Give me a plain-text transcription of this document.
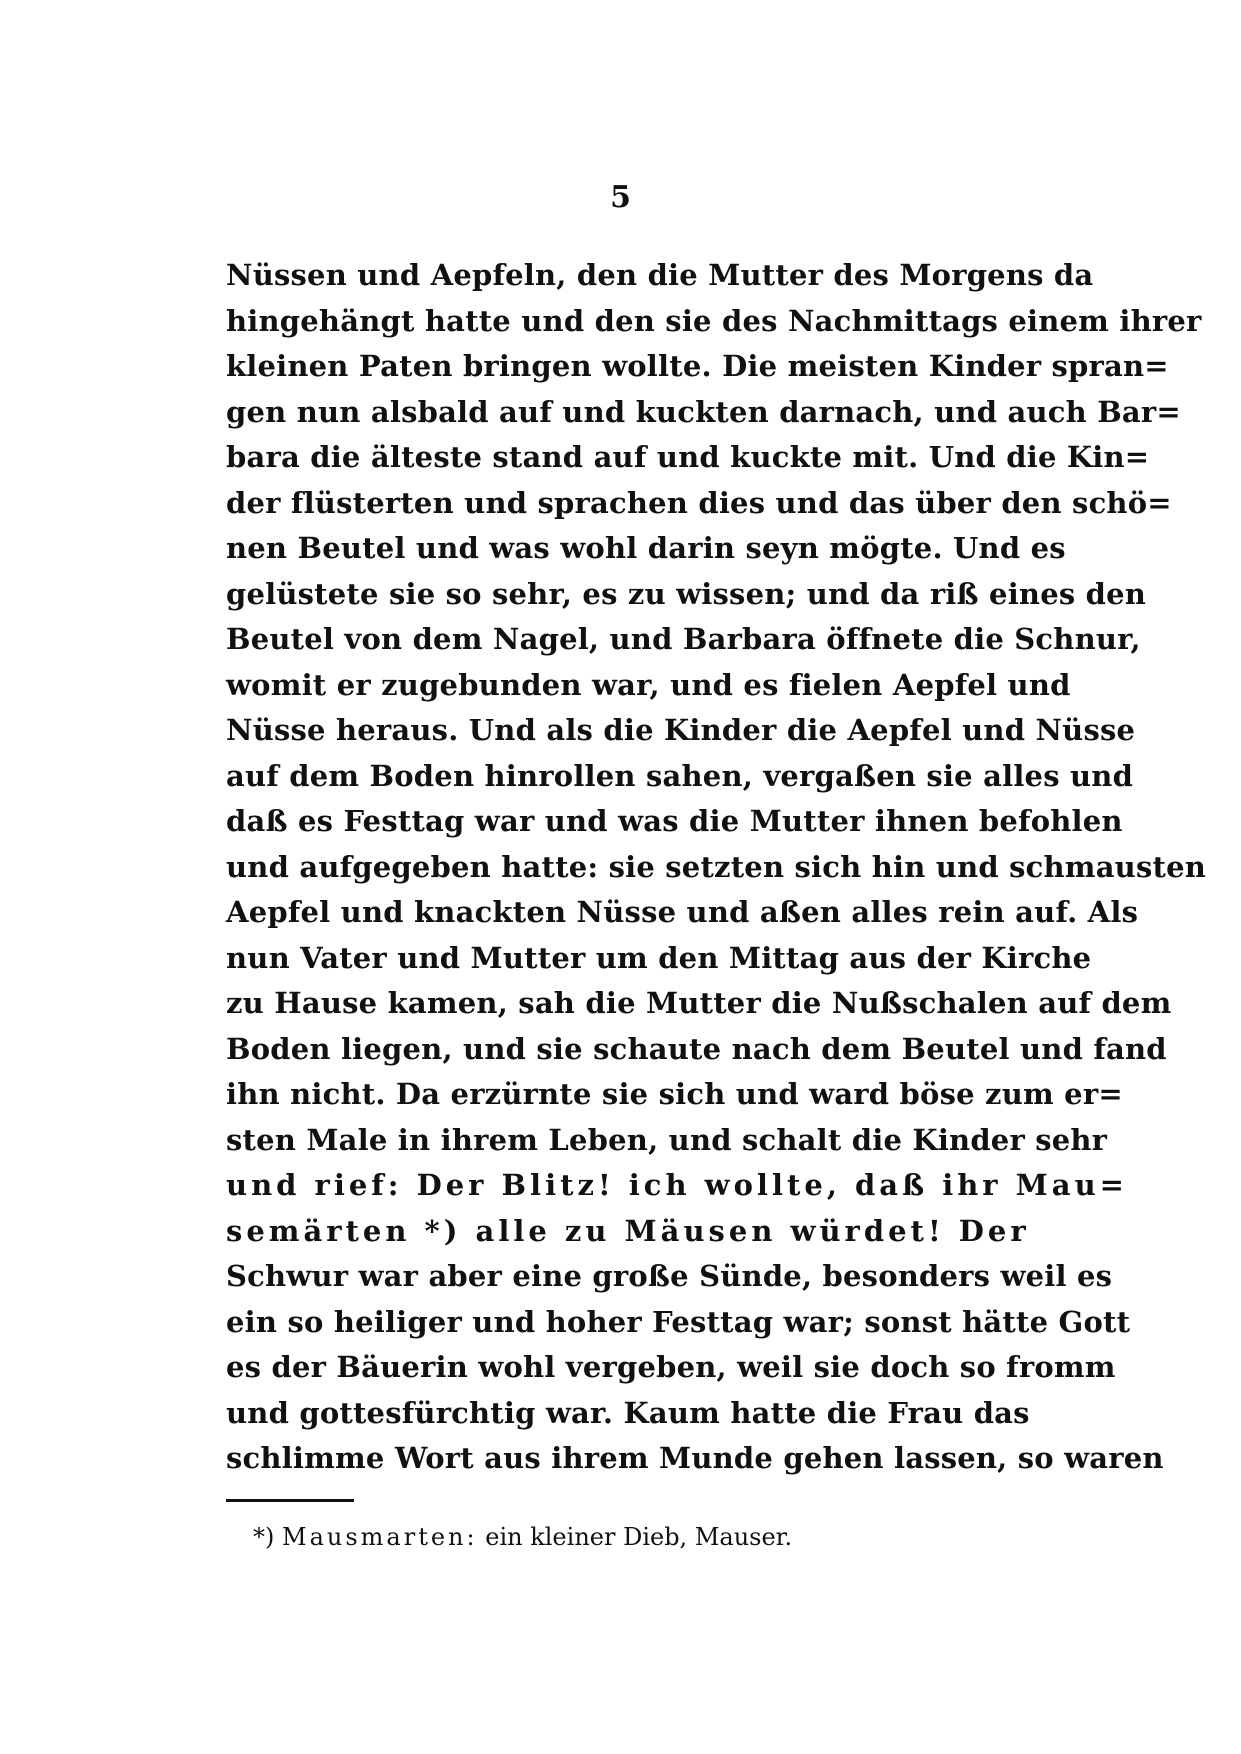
5
Nüssen und Aepfeln, den die Mutter des Morgens da
hingehängt hatte und den sie des Nachmittags einem ihrer
kleinen Paten bringen wollte. Die meisten Kinder spran=
gen nun alsbald auf und kuckten darnach, und auch Bar=
bara die älteste stand auf und kuckte mit. Und die Kin=
der flüsterten und sprachen dies und das über den schö=
nen Beutel und was wohl darin seyn mögte. Und es
gelüstete sie so sehr, es zu wissen; und da riß eines den
Beutel von dem Nagel, und Barbara öffnete die Schnur,
womit er zugebunden war, und es fielen Aepfel und
Nüsse heraus. Und als die Kinder die Aepfel und Nüsse
auf dem Boden hinrollen sahen, vergaßen sie alles und
daß es Festtag war und was die Mutter ihnen befohlen
und aufgegeben hatte: sie setzten sich hin und schmausten
Aepfel und knackten Nüsse und aßen alles rein auf. Als
nun Vater und Mutter um den Mittag aus der Kirche
zu Hause kamen, sah die Mutter die Nußschalen auf dem
Boden liegen, und sie schaute nach dem Beutel und fand
ihn nicht. Da erzürnte sie sich und ward böse zum er=
sten Male in ihrem Leben, und schalt die Kinder sehr
und rief: Der Blitz! ich wollte, daß ihr Mau=
semärten *) alle zu Mäusen würdet! Der
Schwur war aber eine große Sünde, besonders weil es
ein so heiliger und hoher Festtag war; sonst hätte Gott
es der Bäuerin wohl vergeben, weil sie doch so fromm
und gottesfürchtig war. Kaum hatte die Frau das
schlimme Wort aus ihrem Munde gehen lassen, so waren
*) Mausmarten: ein kleiner Dieb, Mauser.
